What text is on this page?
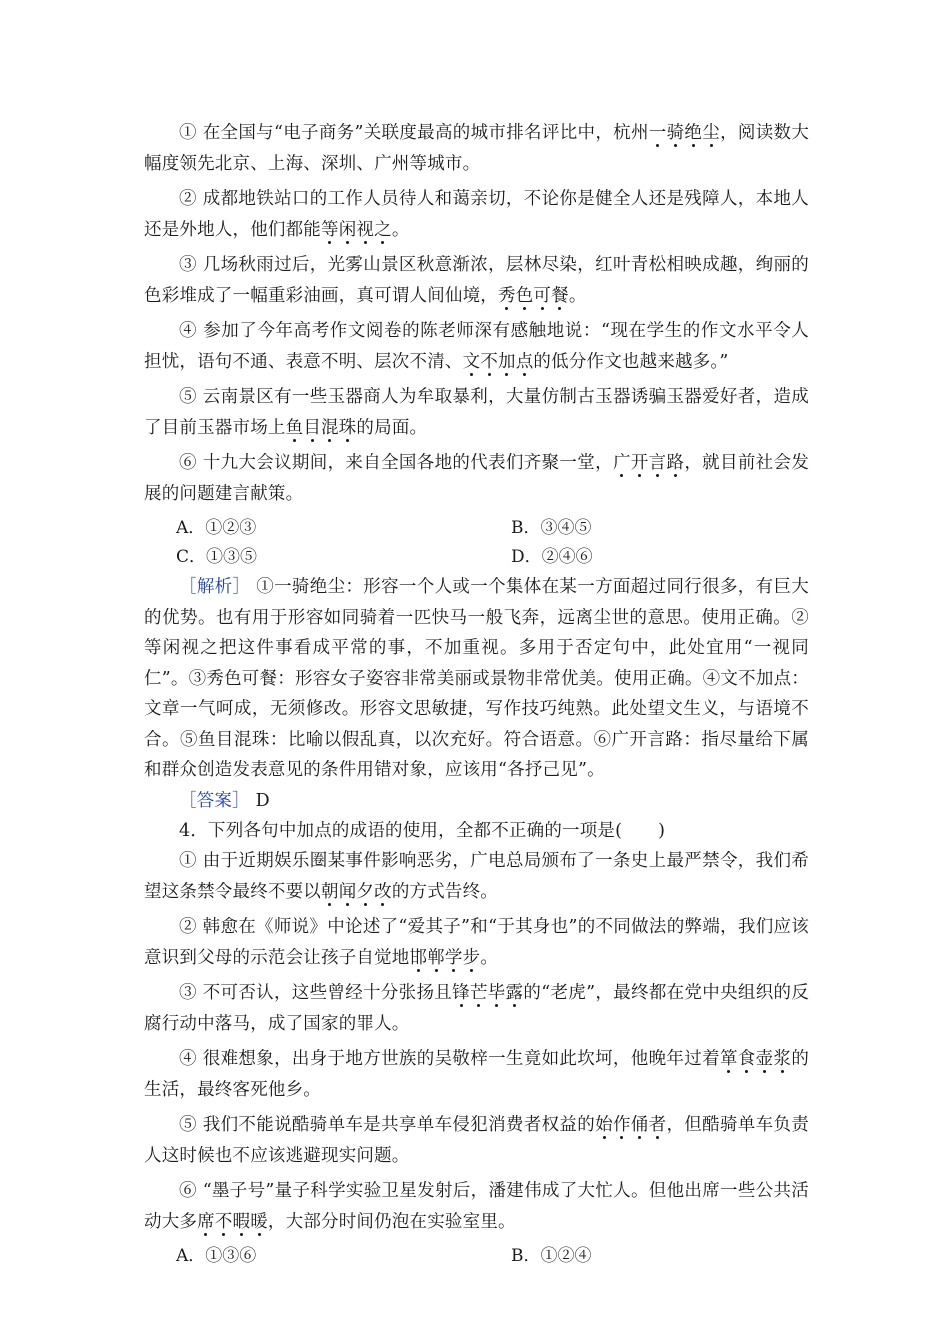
① 在全国与“电子商务”关联度最高的城市排名评比中，杭州一骑绝尘，阅读数大幅度领先北京、上海、深圳、广州等城市。

② 成都地铁站口的工作人员待人和蔼亲切，不论你是健全人还是残障人，本地人还是外地人，他们都能等闲视之。

③ 几场秋雨过后，光雾山景区秋意渐浓，层林尽染，红叶青松相映成趣，绚丽的色彩堆成了一幅重彩油画，真可谓人间仙境，秀色可餐。

④ 参加了今年高考作文阅卷的陈老师深有感触地说：“现在学生的作文水平令人担忧，语句不通、表意不明、层次不清、文不加点的低分作文也越来越多。”

⑤ 云南景区有一些玉器商人为牟取暴利，大量仿制古玉器诱骗玉器爱好者，造成了目前玉器市场上鱼目混珠的局面。

⑥ 十九大会议期间，来自全国各地的代表们齐聚一堂，广开言路，就目前社会发展的问题建言献策。

A．①②③	B．③④⑤
C．①③⑤	D．②④⑥

［解析］ ①一骑绝尘：形容一个人或一个集体在某一方面超过同行很多，有巨大的优势。也有用于形容如同骑着一匹快马一般飞奔，远离尘世的意思。使用正确。②等闲视之把这件事看成平常的事，不加重视。多用于否定句中，此处宜用“一视同仁”。③秀色可餐：形容女子姿容非常美丽或景物非常优美。使用正确。④文不加点：文章一气呵成，无须修改。形容文思敏捷，写作技巧纯熟。此处望文生义，与语境不合。⑤鱼目混珠：比喻以假乱真，以次充好。符合语意。⑥广开言路：指尽量给下属和群众创造发表意见的条件用错对象，应该用“各抒己见”。

［答案］ D

4．下列各句中加点的成语的使用，全都不正确的一项是( )

① 由于近期娱乐圈某事件影响恶劣，广电总局颁布了一条史上最严禁令，我们希望这条禁令最终不要以朝闻夕改的方式告终。

② 韩愈在《师说》中论述了“爱其子”和“于其身也”的不同做法的弊端，我们应该意识到父母的示范会让孩子自觉地邯郸学步。

③ 不可否认，这些曾经十分张扬且锋芒毕露的“老虎”，最终都在党中央组织的反腐行动中落马，成了国家的罪人。

④ 很难想象，出身于地方世族的吴敬梓一生竟如此坎坷，他晚年过着箪食壶浆的生活，最终客死他乡。

⑤ 我们不能说酷骑单车是共享单车侵犯消费者权益的始作俑者，但酷骑单车负责人这时候也不应该逃避现实问题。

⑥ “墨子号”量子科学实验卫星发射后，潘建伟成了大忙人。但他出席一些公共活动大多席不暇暖，大部分时间仍泡在实验室里。

A．①③⑥	B．①②④
